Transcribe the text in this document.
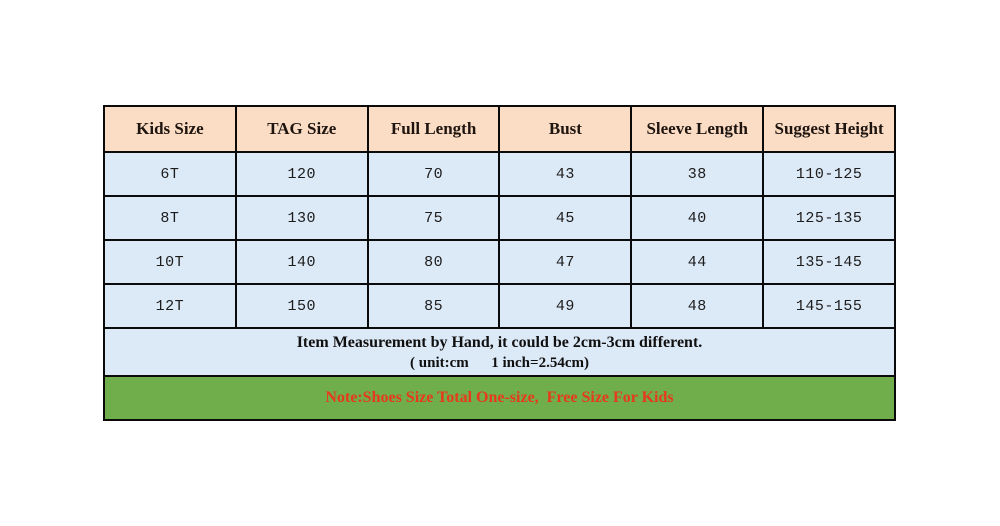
Kids Size	TAG Size	Full Length	Bust	Sleeve Length	Suggest Height
6T	120	70	43	38	110-125
8T	130	75	45	40	125-135
10T	140	80	47	44	135-145
12T	150	85	49	48	145-155

Item Measurement by Hand, it could be 2cm-3cm different.
( unit:cm      1 inch=2.54cm)					

Note:Shoes Size Total One-size,  Free Size For Kids					
